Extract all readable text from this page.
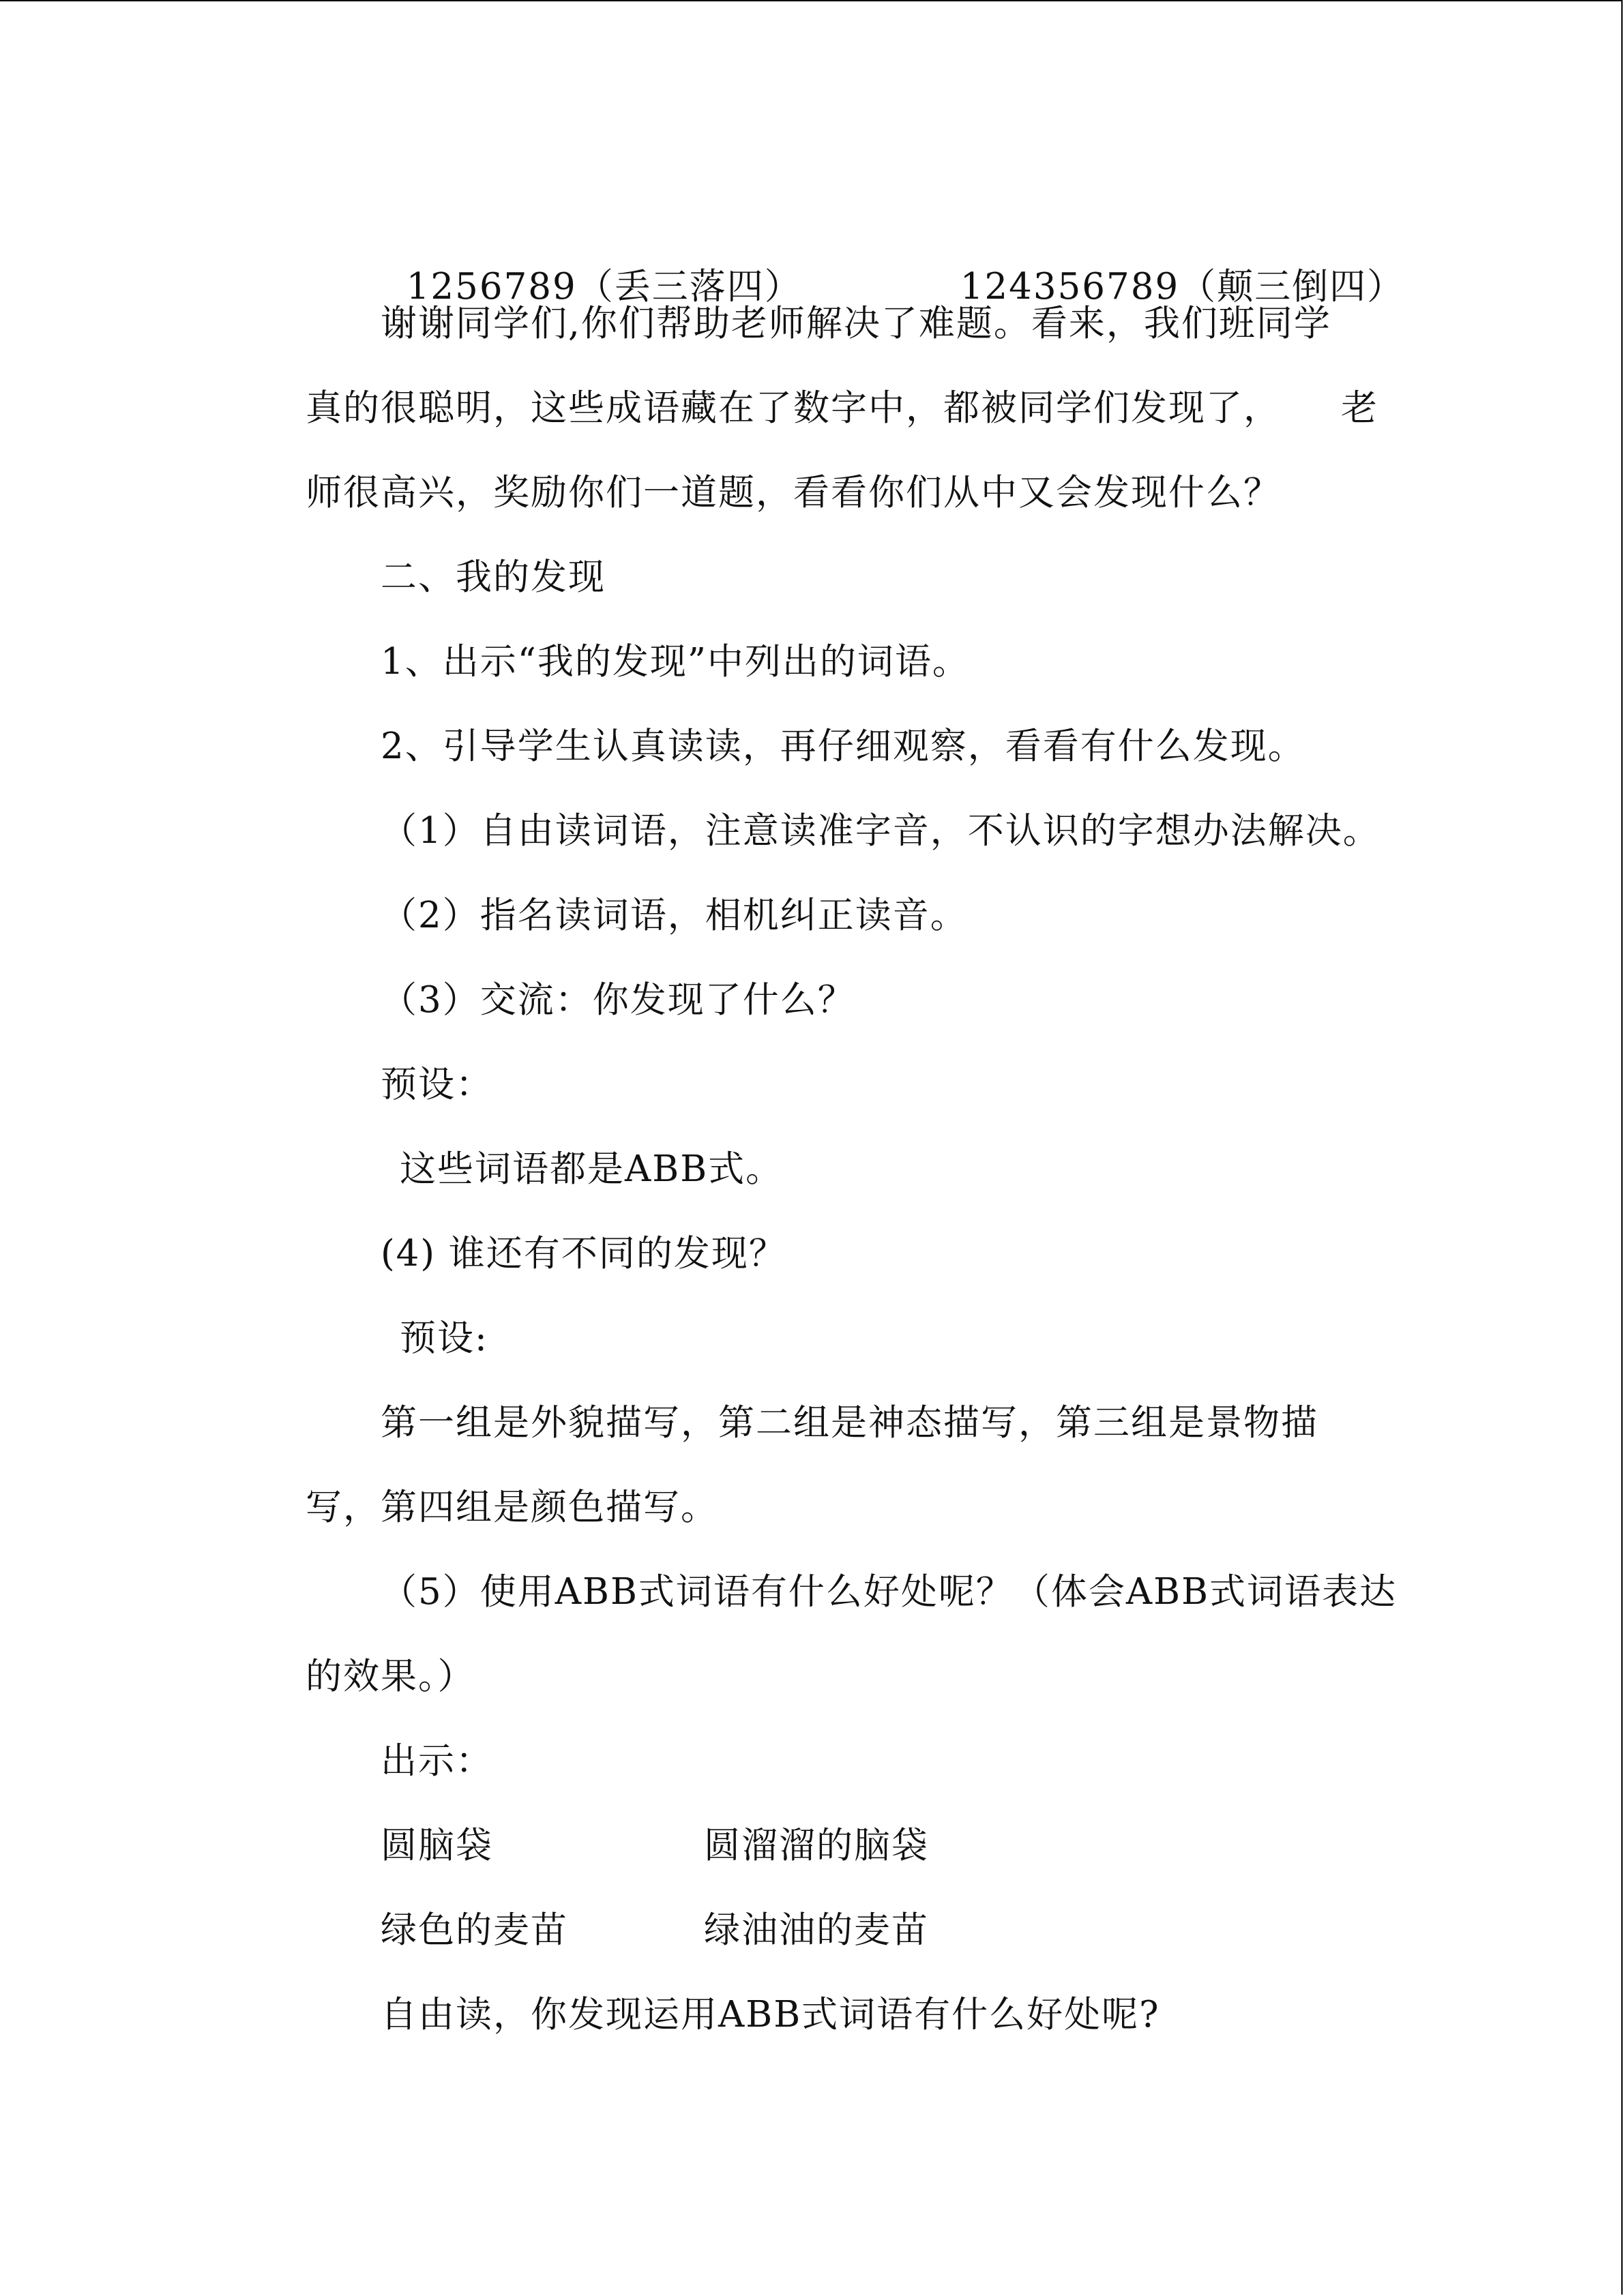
1256789（丢三落四）	124356789（颠三倒四）

谢谢同学们,你们帮助老师解决了难题。看来，我们班同学
真的很聪明，这些成语藏在了数字中，都被同学们发现了， 老
师很高兴，奖励你们一道题，看看你们从中又会发现什么？
二、我的发现
1、出示“我的发现”中列出的词语。
2、引导学生认真读读，再仔细观察，看看有什么发现。
（1）自由读词语，注意读准字音，不认识的字想办法解决。
（2）指名读词语，相机纠正读音。
（3）交流：你发现了什么？
预设：
这些词语都是ABB式。
(4) 谁还有不同的发现？
预设:
第一组是外貌描写，第二组是神态描写，第三组是景物描
写，第四组是颜色描写。
（5）使用ABB式词语有什么好处呢？（体会ABB式词语表达
的效果。）
出示：
圆脑袋	圆溜溜的脑袋
绿色的麦苗	绿油油的麦苗
自由读，你发现运用ABB式词语有什么好处呢?
